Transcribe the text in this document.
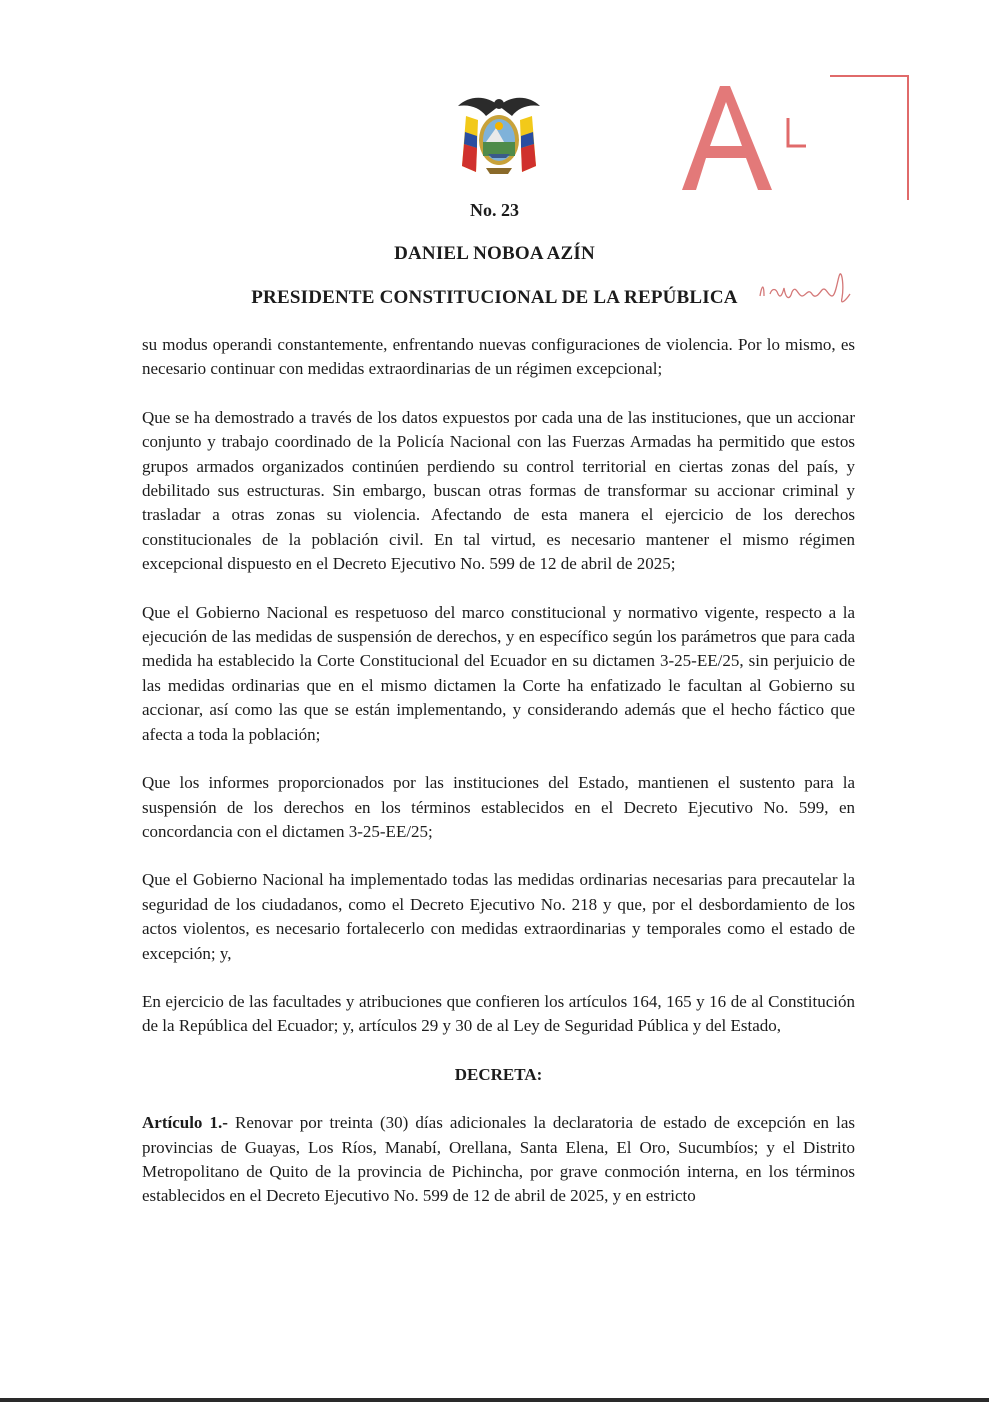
No. 23
DANIEL NOBOA AZÍN
PRESIDENTE CONSTITUCIONAL DE LA REPÚBLICA

su modus operandi constantemente, enfrentando nuevas configuraciones de violencia. Por lo mismo, es necesario continuar con medidas extraordinarias de un régimen excepcional;

Que se ha demostrado a través de los datos expuestos por cada una de las instituciones, que un accionar conjunto y trabajo coordinado de la Policía Nacional con las Fuerzas Armadas ha permitido que estos grupos armados organizados continúen perdiendo su control territorial en ciertas zonas del país, y debilitado sus estructuras. Sin embargo, buscan otras formas de transformar su accionar criminal y trasladar a otras zonas su violencia. Afectando de esta manera el ejercicio de los derechos constitucionales de la población civil. En tal virtud, es necesario mantener el mismo régimen excepcional dispuesto en el Decreto Ejecutivo No. 599 de 12 de abril de 2025;

Que el Gobierno Nacional es respetuoso del marco constitucional y normativo vigente, respecto a la ejecución de las medidas de suspensión de derechos, y en específico según los parámetros que para cada medida ha establecido la Corte Constitucional del Ecuador en su dictamen 3-25-EE/25, sin perjuicio de las medidas ordinarias que en el mismo dictamen la Corte ha enfatizado le facultan al Gobierno su accionar, así como las que se están implementando, y considerando además que el hecho fáctico que afecta a toda la población;

Que los informes proporcionados por las instituciones del Estado, mantienen el sustento para la suspensión de los derechos en los términos establecidos en el Decreto Ejecutivo No. 599, en concordancia con el dictamen 3-25-EE/25;

Que el Gobierno Nacional ha implementado todas las medidas ordinarias necesarias para precautelar la seguridad de los ciudadanos, como el Decreto Ejecutivo No. 218 y que, por el desbordamiento de los actos violentos, es necesario fortalecerlo con medidas extraordinarias y temporales como el estado de excepción; y,

En ejercicio de las facultades y atribuciones que confieren los artículos 164, 165 y 16 de al Constitución de la República del Ecuador; y, artículos 29 y 30 de al Ley de Seguridad Pública y del Estado,

DECRETA:

Artículo 1.- Renovar por treinta (30) días adicionales la declaratoria de estado de excepción en las provincias de Guayas, Los Ríos, Manabí, Orellana, Santa Elena, El Oro, Sucumbíos; y el Distrito Metropolitano de Quito de la provincia de Pichincha, por grave conmoción interna, en los términos establecidos en el Decreto Ejecutivo No. 599 de 12 de abril de 2025, y en estricto
